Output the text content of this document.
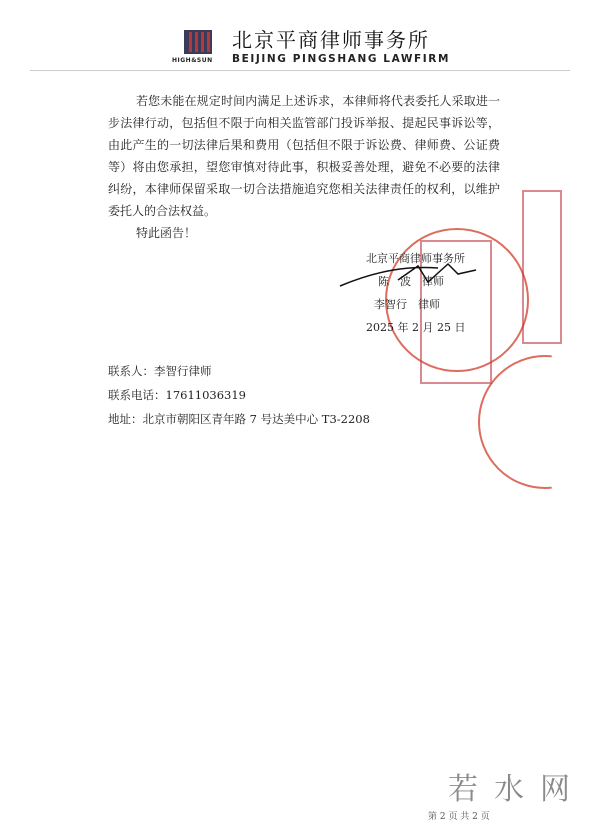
HIGH&SUN
北京平商律师事务所
BEIJING PINGSHANG LAWFIRM
若您未能在规定时间内满足上述诉求，本律师将代表委托人采取进一步法律行动，包括但不限于向相关监管部门投诉举报、提起民事诉讼等，由此产生的一切法律后果和费用（包括但不限于诉讼费、律师费、公证费等）将由您承担，望您审慎对待此事，积极妥善处理，避免不必要的法律纠纷，本律师保留采取一切合法措施追究您相关法律责任的权利，以维护委托人的合法权益。
特此函告！
北京平商律师事务所
陈　波　律师
李智行　律师
2025 年 2 月 25 日
联系人：李智行律师
联系电话：17611036319
地址：北京市朝阳区青年路 7 号达美中心 T3-2208
若水网
第 2 页 共 2 页
